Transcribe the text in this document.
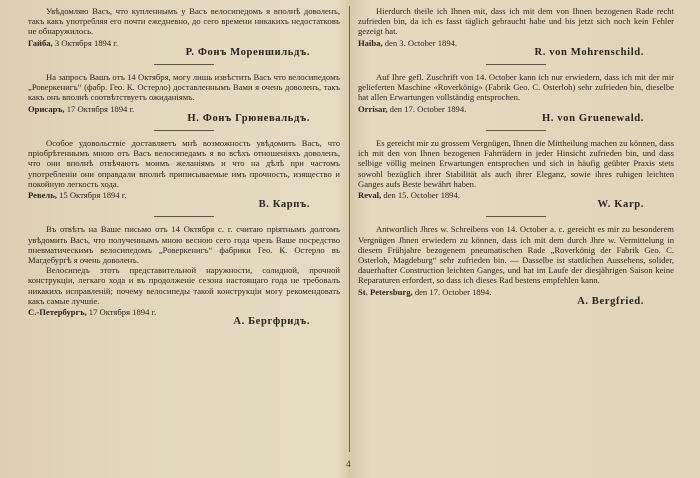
Увѣдомляю Васъ, что купленнымъ у Васъ велосипедомъ я вполнѣ доволенъ, такъ какъ употребляя его почти ежедневно, до сего времени никакихъ недостатковъ не обнаружилось.

Гайба, 3 Октября 1894 г.
Р. Фонъ Мореншильдъ.

На запросъ Вашъ отъ 14 Октября, могу лишь извѣстить Васъ что велосипедомъ „Роверкенигъ“ (фабр. Гео. К. Остерло) доставленнымъ Вами я очень доволенъ, такъ какъ онъ вполнѣ соотвѣтствуетъ ожиданіямъ.

Орисаръ, 17 Октября 1894 г.
Н. Фонъ Грюневальдъ.

Особое удовольствіе доставляетъ мнѣ возможность увѣдомить Васъ, что пріобрѣтеннымъ мною отъ Васъ велосипедамъ я во всѣхъ отношеніяхъ доволенъ, что они вполнѣ отвѣчаютъ моимъ желаніямъ и что на дѣлѣ при частомъ употребленіи они оправдали вполнѣ приписываемые имъ прочность, изящество и покойную легкость хода.

Ревель, 15 Октября 1894 г.
В. Карпъ.

Въ отвѣтъ на Ваше письмо отъ 14 Октября с. г. считаю пріятнымъ долгомъ увѣдомить Васъ, что полученнымъ мною весною сего года чрезъ Ваше посредство пневматическимъ велосипедомъ „Роверкенигъ“ фабрики Гео. К. Остерло въ Магдебургѣ я очень доволенъ.

Велосипедъ этотъ представительной наружности, солидной, прочной конструкціи, легкаго хода и въ продолженіе сезона настоящаго года не требовалъ никакихъ исправленій; почему велосипеды такой конструкціи могу рекомендовать какъ самые лучшіе.

С.-Петербургъ, 17 Октября 1894 г.
А. Бергфридъ.

Hierdurch theile ich Ihnen mit, dass ich mit dem von Ihnen bezogenen Rade recht zufrieden bin, da ich es fasst täglich gebraucht habe und bis jetzt sich noch kein Fehler gezeigt hat.

Haiba, den 3. October 1894.
R. von Mohrenschild.

Auf Ihre gefl. Zuschrift von 14. October kann ich nur erwiedern, dass ich mit der mir gelieferten Maschine «Roverkönig» (Fabrik Geo. C. Osterloh) sehr zufrieden bin, dieselbe hat allen Erwartungen vollständig entsprochen.

Orrisar, den 17. October 1894.
H. von Gruenewald.

Es gereicht mir zu grossem Vergnügen, Ihnen die Mittheilung machen zu können, dass ich mit den von Ihnen bezogenen Fahrrädern in jeder Hinsicht zufrieden bin, und dass selbige völlig meinen Erwartungen entsprochen und sich in häufig geübter Praxis stets sowohl bezüglich ihrer Stabilität als auch ihrer Eleganz, sowie ihres ruhigen leichten Ganges aufs Beste bewährt haben.

Reval, den 15. October 1894.
W. Karp.

Antwortlich Jhres w. Schreibens von 14. October a. c. gereicht es mir zu besonderem Vergnügen Jhnen erwiedern zu können, dass ich mit dem durch Jhre w. Vermittelung in diesem Frühjahre bezogenem pneumatischen Rade „Roverkönig der Fabrik Geo. C. Osterloh, Magdeburg“ sehr zufrieden bin. — Dasselbe ist stattlichen Aussehens, solider, dauerhafter Construction leichten Ganges, und hat im Laufe der diesjährigen Saison keine Reparaturen erfordert, so dass ich dieses Rad bestens empfehlen kann.

St. Petersburg, den 17. October 1894.
A. Bergfried.
4
